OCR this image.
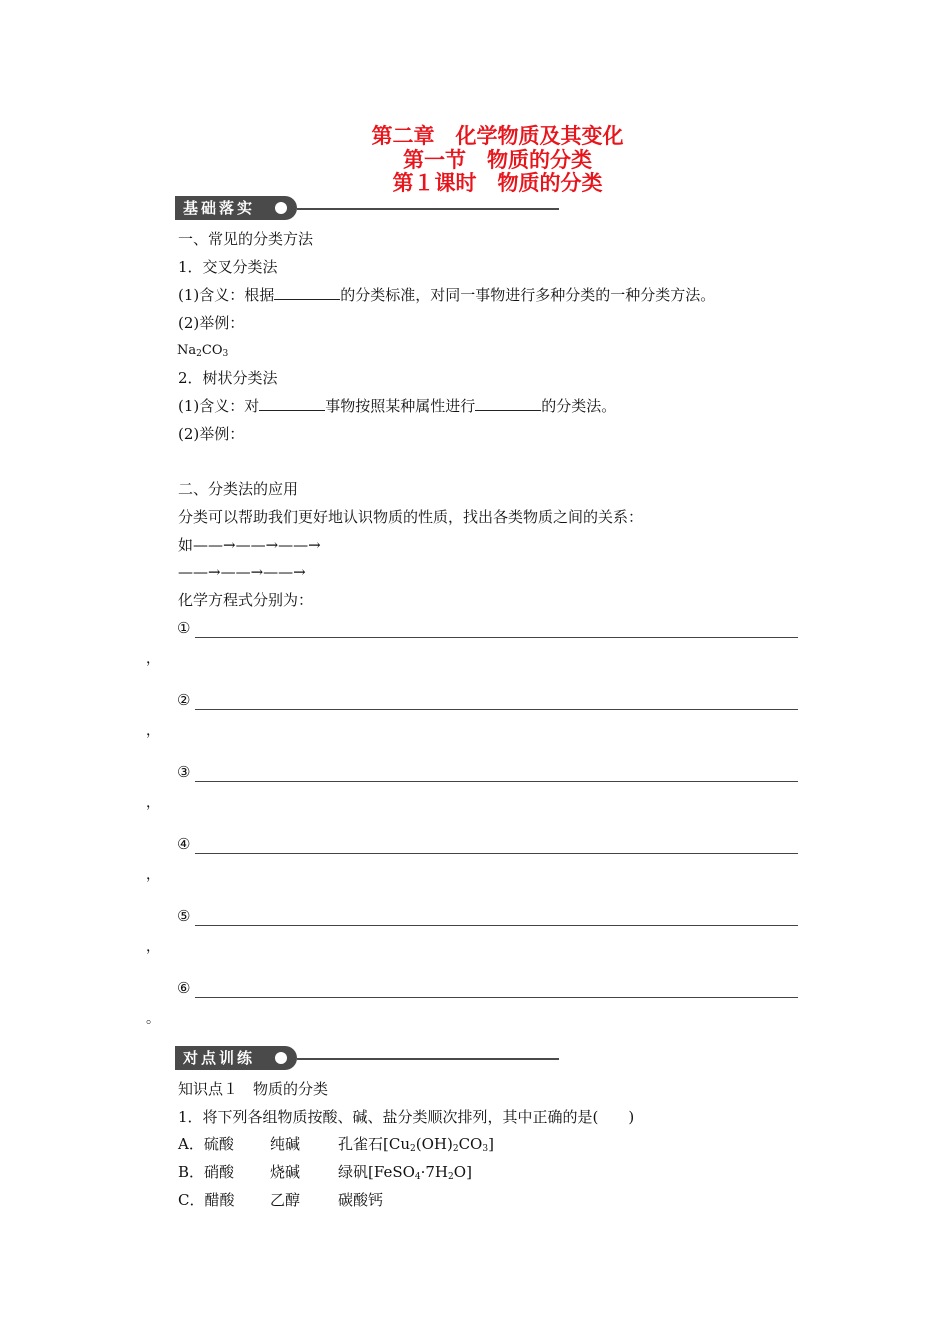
第二章　化学物质及其变化
第一节　物质的分类
第１课时　物质的分类
基础落实
一、常见的分类方法
1．交叉分类法
(1)含义：根据	的分类标准，对同一事物进行多种分类的一种分类方法。
(2)举例：
$Na_2CO_3$
2．树状分类法
(1)含义：对	事物按照某种属性进行	的分类法。
(2)举例：
二、分类法的应用
分类可以帮助我们更好地认识物质的性质，找出各类物质之间的关系：
如——→——→——→
——→——→——→
化学方程式分别为：
①
，
②
，
③
，
④
，
⑤
，
⑥
。
对点训练
知识点１　物质的分类
1．将下列各组物质按酸、碱、盐分类顺次排列，其中正确的是(　　)
A．硫酸 纯碱	孔雀石$[Cu_2(OH)_2CO_3]$
B．硝酸 烧碱	绿矾$[FeSO_4\cdot 7H_2O]$
C．醋酸 乙醇	碳酸钙
